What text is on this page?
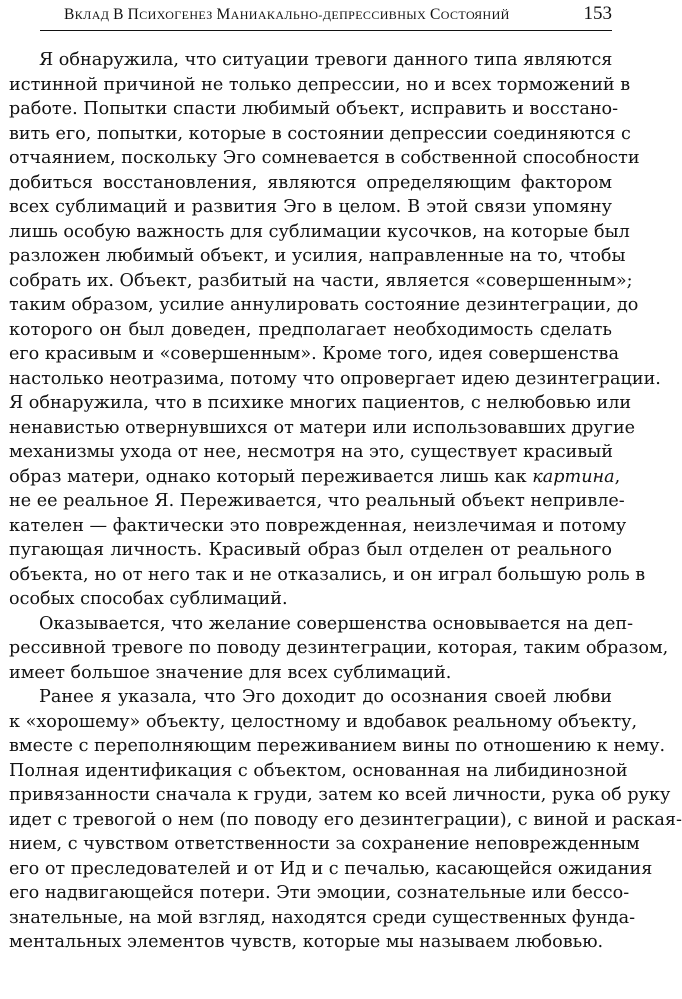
ВКЛАД В ПСИХОГЕНЕЗ МАНИАКАЛЬНО-ДЕПРЕССИВНЫХ СОСТОЯНИЙ	153
Я обнаружила, что ситуации тревоги данного типа являются
истинной причиной не только депрессии, но и всех торможений в
работе. Попытки спасти любимый объект, исправить и восстано-
вить его, попытки, которые в состоянии депрессии соединяются с
отчаянием, поскольку Эго сомневается в собственной способности
добиться восстановления, являются определяющим фактором
всех сублимаций и развития Эго в целом. В этой связи упомяну
лишь особую важность для сублимации кусочков, на которые был
разложен любимый объект, и усилия, направленные на то, чтобы
собрать их. Объект, разбитый на части, является «совершенным»;
таким образом, усилие аннулировать состояние дезинтеграции, до
которого он был доведен, предполагает необходимость сделать
его красивым и «совершенным». Кроме того, идея совершенства
настолько неотразима, потому что опровергает идею дезинтеграции.
Я обнаружила, что в психике многих пациентов, с нелюбовью или
ненавистью отвернувшихся от матери или использовавших другие
механизмы ухода от нее, несмотря на это, существует красивый
образ матери, однако который переживается лишь как картина,
не ее реальное Я. Переживается, что реальный объект непривле-
кателен — фактически это поврежденная, неизлечимая и потому
пугающая личность. Красивый образ был отделен от реального
объекта, но от него так и не отказались, и он играл большую роль в
особых способах сублимаций.
Оказывается, что желание совершенства основывается на деп-
рессивной тревоге по поводу дезинтеграции, которая, таким образом,
имеет большое значение для всех сублимаций.
Ранее я указала, что Эго доходит до осознания своей любви
к «хорошему» объекту, целостному и вдобавок реальному объекту,
вместе с переполняющим переживанием вины по отношению к нему.
Полная идентификация с объектом, основанная на либидинозной
привязанности сначала к груди, затем ко всей личности, рука об руку
идет с тревогой о нем (по поводу его дезинтеграции), с виной и раская-
нием, с чувством ответственности за сохранение неповрежденным
его от преследователей и от Ид и с печалью, касающейся ожидания
его надвигающейся потери. Эти эмоции, сознательные или бессо-
знательные, на мой взгляд, находятся среди существенных фунда-
ментальных элементов чувств, которые мы называем любовью.
